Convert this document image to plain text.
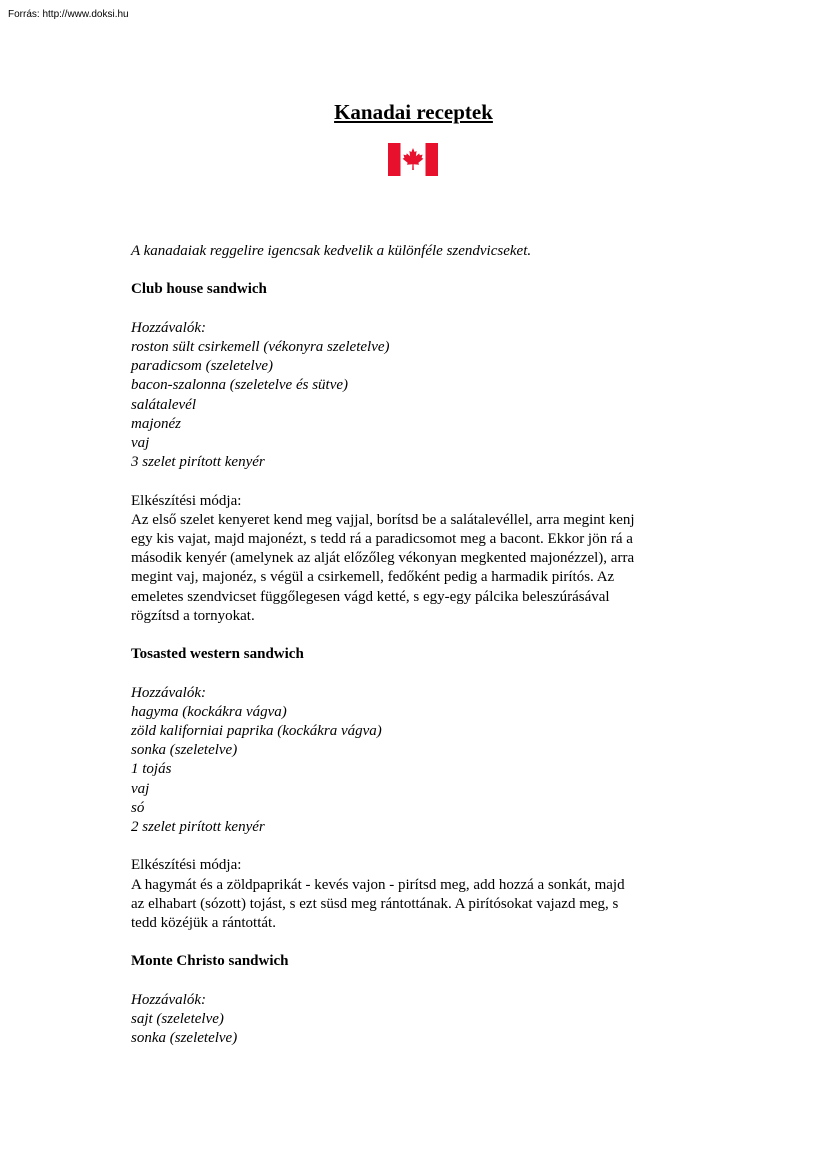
Forrás: http://www.doksi.hu
Kanadai receptek

A kanadaiak reggelire igencsak kedvelik a különféle szendvicseket.

Club house sandwich

Hozzávalók:

roston sült csirkemell (vékonyra szeletelve)
paradicsom (szeletelve)
bacon-szalonna (szeletelve és sütve)
salátalevél
majonéz
vaj
3 szelet pirított kenyér

Elkészítési módja:

Az első szelet kenyeret kend meg vajjal, borítsd be a salátalevéllel, arra megint kenj
egy kis vajat, majd majonézt, s tedd rá a paradicsomot meg a bacont. Ekkor jön rá a
második kenyér (amelynek az alját előzőleg vékonyan megkented majonézzel), arra
megint vaj, majonéz, s végül a csirkemell, fedőként pedig a harmadik pirítós. Az
emeletes szendvicset függőlegesen vágd ketté, s egy-egy pálcika beleszúrásával
rögzítsd a tornyokat.

Tosasted western sandwich

Hozzávalók:

hagyma (kockákra vágva)
zöld kaliforniai paprika (kockákra vágva)
sonka (szeletelve)
1 tojás
vaj
só
2 szelet pirított kenyér

Elkészítési módja:

A hagymát és a zöldpaprikát - kevés vajon - pirítsd meg, add hozzá a sonkát, majd
az elhabart (sózott) tojást, s ezt süsd meg rántottának. A pirítósokat vajazd meg, s
tedd közéjük a rántottát.

Monte Christo sandwich

Hozzávalók:

sajt (szeletelve)
sonka (szeletelve)
